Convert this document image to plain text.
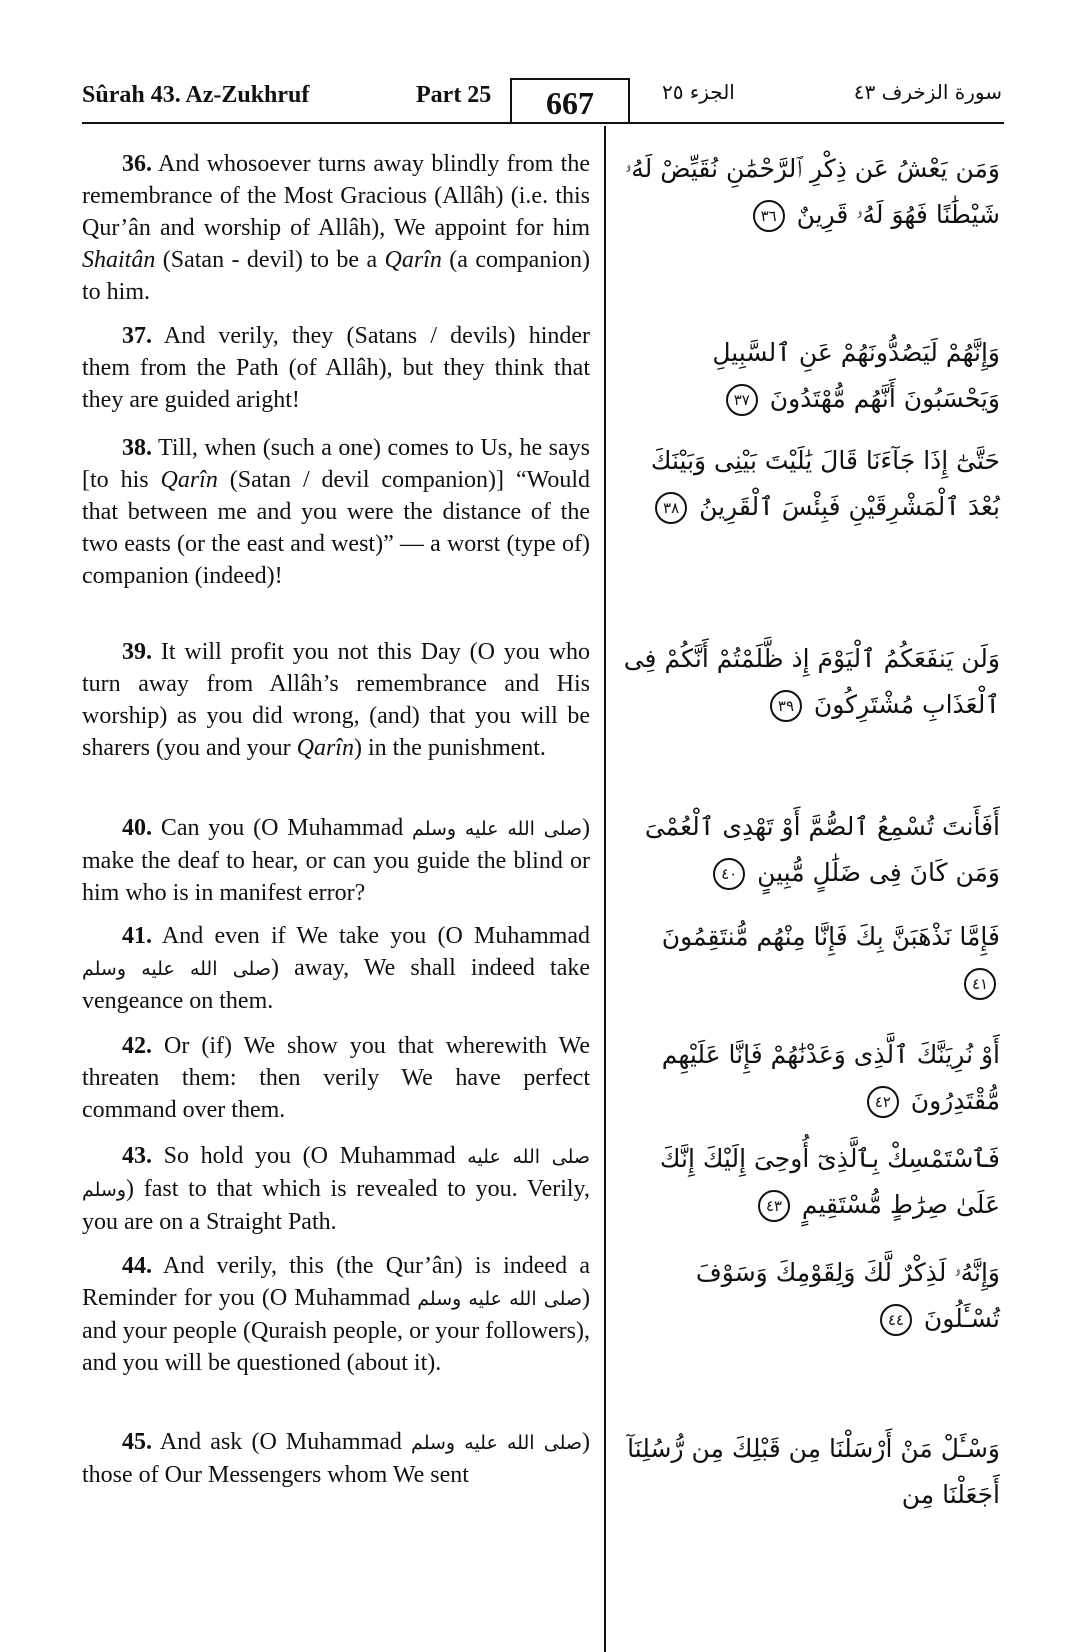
Sûrah 43. Az-Zukhruf	Part 25	667	الجزء ٢٥	سورة الزخرف ٤٣
36. And whosoever turns away blindly from the remembrance of the Most Gracious (Allâh) (i.e. this Qur’ân and worship of Allâh), We appoint for him Shaitân (Satan - devil) to be a Qarîn (a companion) to him.
37. And verily, they (Satans / devils) hinder them from the Path (of Allâh), but they think that they are guided aright!
38. Till, when (such a one) comes to Us, he says [to his Qarîn (Satan / devil companion)] “Would that between me and you were the distance of the two easts (or the east and west)” — a worst (type of) companion (indeed)!
39. It will profit you not this Day (O you who turn away from Allâh’s remembrance and His worship) as you did wrong, (and) that you will be sharers (you and your Qarîn) in the punishment.
40. Can you (O Muhammad صلى الله عليه وسلم) make the deaf to hear, or can you guide the blind or him who is in manifest error?
41. And even if We take you (O Muhammad صلى الله عليه وسلم) away, We shall indeed take vengeance on them.
42. Or (if) We show you that wherewith We threaten them: then verily We have perfect command over them.
43. So hold you (O Muhammad صلى الله عليه وسلم) fast to that which is revealed to you. Verily, you are on a Straight Path.
44. And verily, this (the Qur’ân) is indeed a Reminder for you (O Muhammad صلى الله عليه وسلم) and your people (Quraish people, or your followers), and you will be questioned (about it).
45. And ask (O Muhammad صلى الله عليه وسلم) those of Our Messengers whom We sent
وَمَن يَعْشُ عَن ذِكْرِ ٱلرَّحْمَٰنِ نُقَيِّضْ لَهُۥ شَيْطَٰنًا فَهُوَ لَهُۥ قَرِينٌ ٣٦
وَإِنَّهُمْ لَيَصُدُّونَهُمْ عَنِ ٱلسَّبِيلِ وَيَحْسَبُونَ أَنَّهُم مُّهْتَدُونَ ٣٧
حَتَّىٰٓ إِذَا جَآءَنَا قَالَ يَٰلَيْتَ بَيْنِى وَبَيْنَكَ بُعْدَ ٱلْمَشْرِقَيْنِ فَبِئْسَ ٱلْقَرِينُ ٣٨
وَلَن يَنفَعَكُمُ ٱلْيَوْمَ إِذ ظَّلَمْتُمْ أَنَّكُمْ فِى ٱلْعَذَابِ مُشْتَرِكُونَ ٣٩
أَفَأَنتَ تُسْمِعُ ٱلصُّمَّ أَوْ تَهْدِى ٱلْعُمْىَ وَمَن كَانَ فِى ضَلَٰلٍ مُّبِينٍ ٤٠
فَإِمَّا نَذْهَبَنَّ بِكَ فَإِنَّا مِنْهُم مُّنتَقِمُونَ ٤١
أَوْ نُرِيَنَّكَ ٱلَّذِى وَعَدْنَٰهُمْ فَإِنَّا عَلَيْهِم مُّقْتَدِرُونَ ٤٢
فَٱسْتَمْسِكْ بِٱلَّذِىٓ أُوحِىَ إِلَيْكَ إِنَّكَ عَلَىٰ صِرَٰطٍ مُّسْتَقِيمٍ ٤٣
وَإِنَّهُۥ لَذِكْرٌ لَّكَ وَلِقَوْمِكَ وَسَوْفَ تُسْـَٔلُونَ ٤٤
وَسْـَٔلْ مَنْ أَرْسَلْنَا مِن قَبْلِكَ مِن رُّسُلِنَآ أَجَعَلْنَا مِن
